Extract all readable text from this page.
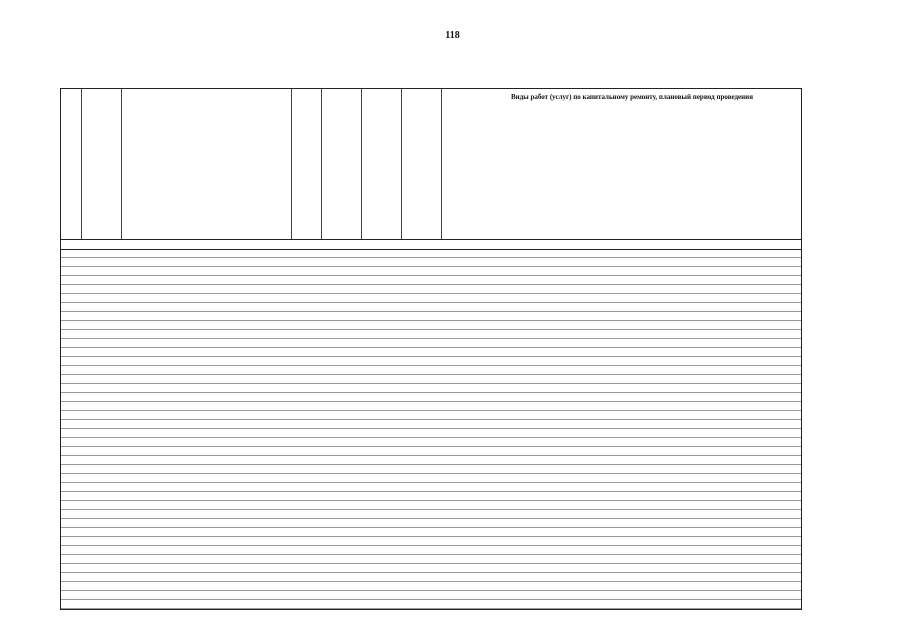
118
Виды работ (услуг) по капитальному ремонту, плановый период проведения
